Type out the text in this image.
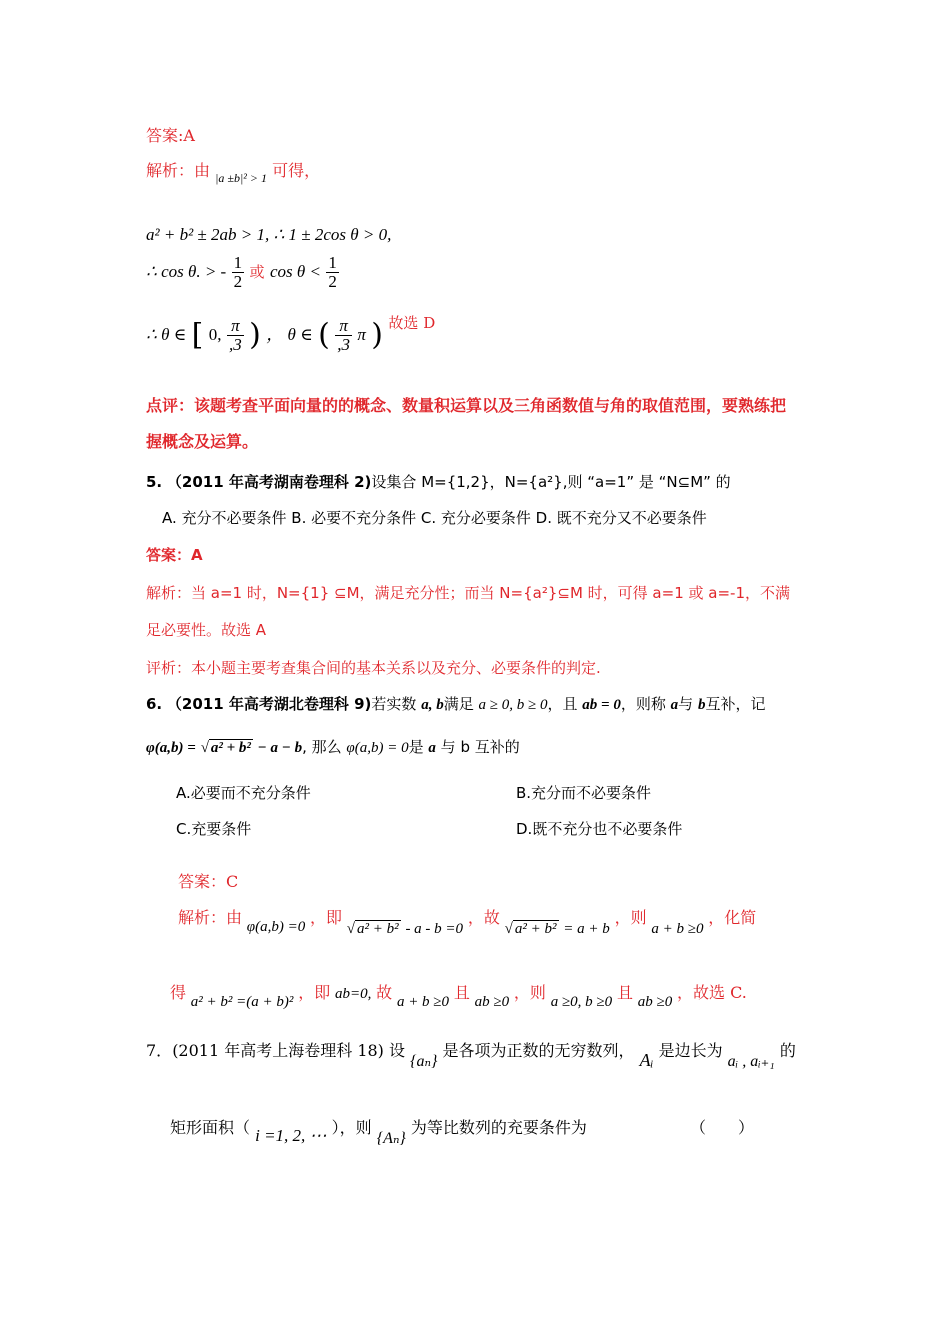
答案:A
解析：由 $_{|a \pm b|^2 > 1}$ 可得，
a² + b² ± 2ab > 1, ∴ 1 ± 2cos θ > 0,
∴ cos θ. > - $\frac{1}{2}$ 或 $\cos \theta < \frac{1}{2}$
∴ θ ∈ [ 0, $\frac{\pi}{,3}$ ) ， θ ∈ ( $\frac{\pi}{,3}$ π ) 故选 D
点评：该题考查平面向量的的概念、数量积运算以及三角函数值与角的取值范围，要熟练把
握概念及运算。
5. （2011 年高考湖南卷理科 2)设集合 M={1,2}，N={a²},则 “a=1” 是 “N⊆M” 的
A. 充分不必要条件 B. 必要不充分条件 C. 充分必要条件 D. 既不充分又不必要条件
答案：A
解析：当 a=1 时，N={1} ⊆M，满足充分性；而当 N={a²}⊆M 时，可得 a=1 或 a=-1，不满
足必要性。故选 A
评析：本小题主要考查集合间的基本关系以及充分、必要条件的判定.
6. （2011 年高考湖北卷理科 9)若实数 a, b满足 a ≥ 0, b ≥ 0，且 ab = 0，则称 a与 b互补，记
φ(a,b) = √ a² + b² − a − b, 那么 φ(a,b) = 0是 a 与 b 互补的
A.必要而不充分条件	B.充分而不必要条件
C.充要条件	D.既不充分也不必要条件
答案：C
解析：由 φ(a,b) =0 ，即 √ a² + b² - a - b =0 ，故 √ a² + b² = a + b ，则 a + b ≥0 ，化简
得 a² + b² =(a + b)² ，即 ab=0, 故 a + b ≥0 且 ab ≥0 ，则 a ≥0, b ≥0 且 ab ≥0 ，故选 C.
7．(2011 年高考上海卷理科 18) 设 {aₙ} 是各项为正数的无穷数列， Aᵢ 是边长为 aᵢ , aᵢ₊₁ 的
矩形面积（ i =1, 2, ⋯ ），则 {Aₙ} 为等比数列的充要条件为	（　　）
